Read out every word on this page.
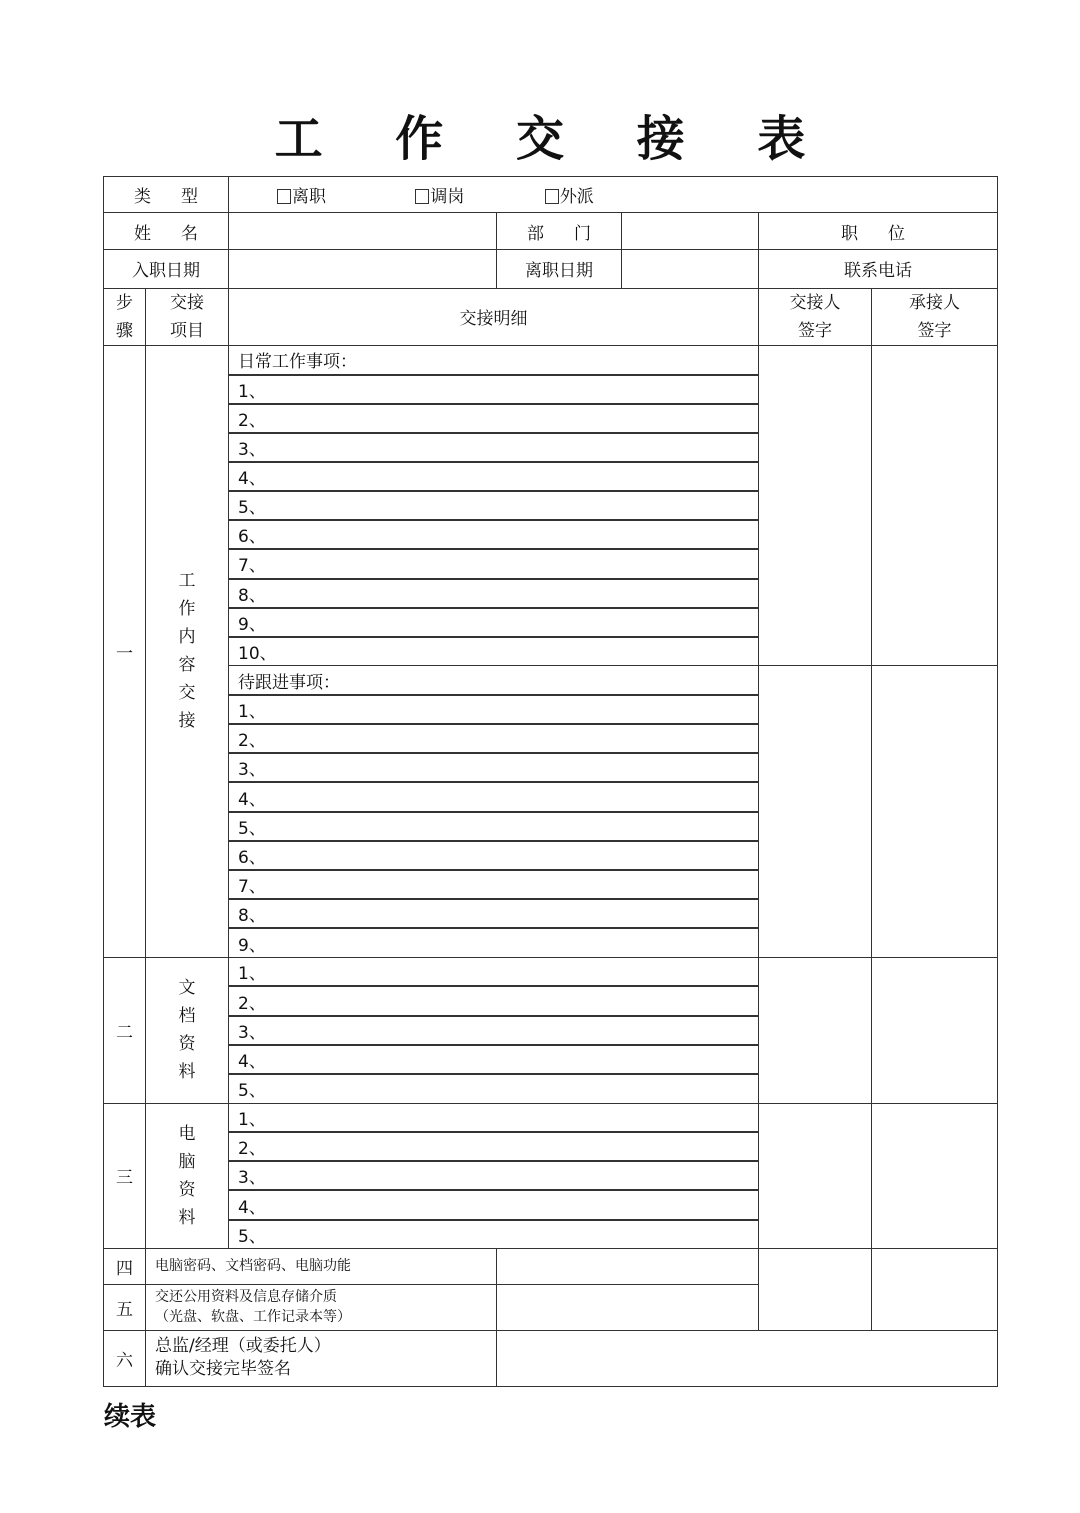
工 作 交 接 表
类型		离职 调岗 外派				
姓名			部门		职位	
入职日期			离职日期		联系电话	

步骤	交接项目	交接明细			交接人签字	承接人签字

一	工作内容交接	日常工作事项：				
		1、				
		2、				
		3、				
		4、				
		5、				
		6、				
		7、				
		8、				
		9、				
		10、				
		待跟进事项：				
		1、				
		2、				
		3、				
		4、				
		5、				
		6、				
		7、				
		8、				
		9、				
二	文档资料	1、				
		2、				
		3、				
		4、				
		5、				
三	电脑资料	1、				
		2、				
		3、				
		4、				
		5、				
四	电脑密码、文档密码、电脑功能					
五	交还公用资料及信息存储介质
（光盘、软盘、工作记录本等）					

六	总监/经理（或委托人）
确认交接完毕签名					

续表
